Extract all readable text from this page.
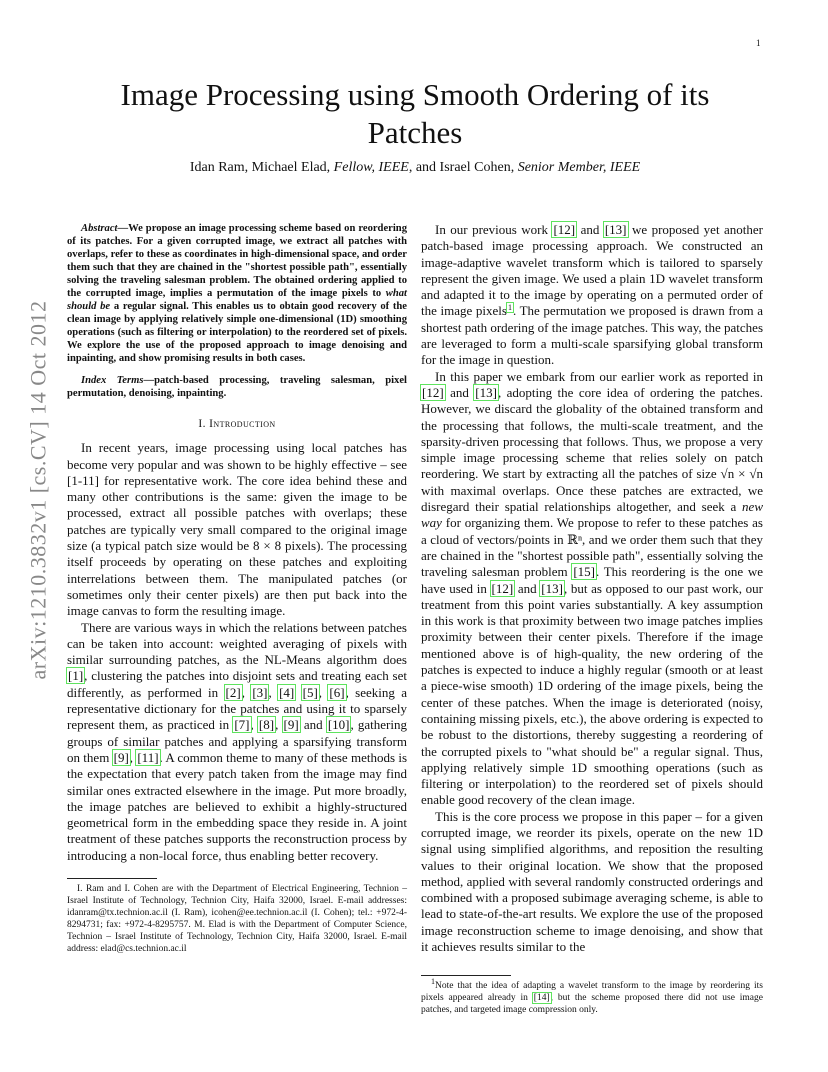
1
arXiv:1210.3832v1 [cs.CV] 14 Oct 2012
Image Processing using Smooth Ordering of its Patches

Idan Ram, Michael Elad, Fellow, IEEE, and Israel Cohen, Senior Member, IEEE

Abstract—We propose an image processing scheme based on reordering of its patches. For a given corrupted image, we extract all patches with overlaps, refer to these as coordinates in high-dimensional space, and order them such that they are chained in the "shortest possible path", essentially solving the traveling salesman problem. The obtained ordering applied to the corrupted image, implies a permutation of the image pixels to what should be a regular signal. This enables us to obtain good recovery of the clean image by applying relatively simple one-dimensional (1D) smoothing operations (such as filtering or interpolation) to the reordered set of pixels. We explore the use of the proposed approach to image denoising and inpainting, and show promising results in both cases.

Index Terms—patch-based processing, traveling salesman, pixel permutation, denoising, inpainting.

I. Introduction

In recent years, image processing using local patches has become very popular and was shown to be highly effective – see [1-11] for representative work. The core idea behind these and many other contributions is the same: given the image to be processed, extract all possible patches with overlaps; these patches are typically very small compared to the original image size (a typical patch size would be 8 × 8 pixels). The processing itself proceeds by operating on these patches and exploiting interrelations between them. The manipulated patches (or sometimes only their center pixels) are then put back into the image canvas to form the resulting image.

There are various ways in which the relations between patches can be taken into account: weighted averaging of pixels with similar surrounding patches, as the NL-Means algorithm does [1], clustering the patches into disjoint sets and treating each set differently, as performed in [2], [3], [4] [5], [6], seeking a representative dictionary for the patches and using it to sparsely represent them, as practiced in [7], [8], [9] and [10], gathering groups of similar patches and applying a sparsifying transform on them [9], [11]. A common theme to many of these methods is the expectation that every patch taken from the image may find similar ones extracted elsewhere in the image. Put more broadly, the image patches are believed to exhibit a highly-structured geometrical form in the embedding space they reside in. A joint treatment of these patches supports the reconstruction process by introducing a non-local force, thus enabling better recovery.

I. Ram and I. Cohen are with the Department of Electrical Engineering, Technion – Israel Institute of Technology, Technion City, Haifa 32000, Israel. E-mail addresses: idanram@tx.technion.ac.il (I. Ram), icohen@ee.technion.ac.il (I. Cohen); tel.: +972-4-8294731; fax: +972-4-8295757. M. Elad is with the Department of Computer Science, Technion – Israel Institute of Technology, Technion City, Haifa 32000, Israel. E-mail address: elad@cs.technion.ac.il

In our previous work [12] and [13] we proposed yet another patch-based image processing approach. We constructed an image-adaptive wavelet transform which is tailored to sparsely represent the given image. We used a plain 1D wavelet transform and adapted it to the image by operating on a permuted order of the image pixels$^1$. The permutation we proposed is drawn from a shortest path ordering of the image patches. This way, the patches are leveraged to form a multi-scale sparsifying global transform for the image in question.

In this paper we embark from our earlier work as reported in [12] and [13], adopting the core idea of ordering the patches. However, we discard the globality of the obtained transform and the processing that follows, the multi-scale treatment, and the sparsity-driven processing that follows. Thus, we propose a very simple image processing scheme that relies solely on patch reordering. We start by extracting all the patches of size √n × √n with maximal overlaps. Once these patches are extracted, we disregard their spatial relationships altogether, and seek a new way for organizing them. We propose to refer to these patches as a cloud of vectors/points in ℝⁿ, and we order them such that they are chained in the "shortest possible path", essentially solving the traveling salesman problem [15]. This reordering is the one we have used in [12] and [13], but as opposed to our past work, our treatment from this point varies substantially. A key assumption in this work is that proximity between two image patches implies proximity between their center pixels. Therefore if the image mentioned above is of high-quality, the new ordering of the patches is expected to induce a highly regular (smooth or at least a piece-wise smooth) 1D ordering of the image pixels, being the center of these patches. When the image is deteriorated (noisy, containing missing pixels, etc.), the above ordering is expected to be robust to the distortions, thereby suggesting a reordering of the corrupted pixels to "what should be" a regular signal. Thus, applying relatively simple 1D smoothing operations (such as filtering or interpolation) to the reordered set of pixels should enable good recovery of the clean image.

This is the core process we propose in this paper – for a given corrupted image, we reorder its pixels, operate on the new 1D signal using simplified algorithms, and reposition the resulting values to their original location. We show that the proposed method, applied with several randomly constructed orderings and combined with a proposed subimage averaging scheme, is able to lead to state-of-the-art results. We explore the use of the proposed image reconstruction scheme to image denoising, and show that it achieves results similar to the

$^1$Note that the idea of adapting a wavelet transform to the image by reordering its pixels appeared already in [14], but the scheme proposed there did not use image patches, and targeted image compression only.
